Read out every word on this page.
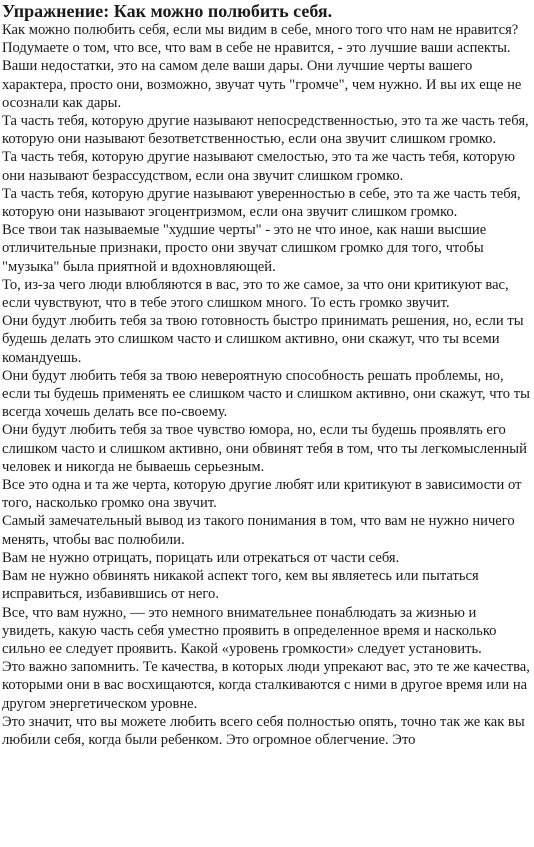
Упражнение: Как можно полюбить себя.

Как можно полюбить себя, если мы видим в себе, много того что нам не нравится?

Подумаете о том, что все, что вам в себе не нравится, - это лучшие ваши аспекты.

Ваши недостатки, это на самом деле ваши дары. Они лучшие черты вашего характера, просто они, возможно, звучат чуть "громче", чем нужно. И вы их еще не осознали как дары.

Та часть тебя, которую другие называют непосредственностью, это та же часть тебя, которую они называют безответственностью, если она звучит слишком громко.

Та часть тебя, которую другие называют смелостью, это та же часть тебя, которую они называют безрассудством, если она звучит слишком громко.

Та часть тебя, которую другие называют уверенностью в себе, это та же часть тебя, которую они называют эгоцентризмом, если она звучит слишком громко.

Все твои так называемые "худшие черты" - это не что иное, как наши высшие отличительные признаки, просто они звучат слишком громко для того, чтобы "музыка" была приятной и вдохновляющей.

То, из-за чего люди влюбляются в вас, это то же самое, за что они критикуют вас, если чувствуют, что в тебе этого слишком много. То есть громко звучит.

Они будут любить тебя за твою готовность быстро принимать решения, но, если ты будешь делать это слишком часто и слишком активно, они скажут, что ты всеми командуешь.

Они будут любить тебя за твою невероятную способность решать проблемы, но, если ты будешь применять ее слишком часто и слишком активно, они скажут, что ты всегда хочешь делать все по-своему.

Они будут любить тебя за твое чувство юмора, но, если ты будешь проявлять его слишком часто и слишком активно, они обвинят тебя в том, что ты легкомысленный человек и никогда не бываешь серьезным.

Все это одна и та же черта, которую другие любят или критикуют в зависимости от того, насколько громко она звучит.

Самый замечательный вывод из такого понимания в том, что вам не нужно ничего менять, чтобы вас полюбили.

Вам не нужно отрицать, порицать или отрекаться от части себя.

Вам не нужно обвинять никакой аспект того, кем вы являетесь или пытаться исправиться, избавившись от него.

Все, что вам нужно, — это немного внимательнее понаблюдать за жизнью и увидеть, какую часть себя уместно проявить в определенное время и насколько сильно ее следует проявить. Какой «уровень громкости» следует установить.

Это важно запомнить. Те качества, в которых люди упрекают вас, это те же качества, которыми они в вас восхищаются, когда сталкиваются с ними в другое время или на другом энергетическом уровне.

Это значит, что вы можете любить всего себя полностью опять, точно так же как вы любили себя, когда были ребенком. Это огромное облегчение. Это
